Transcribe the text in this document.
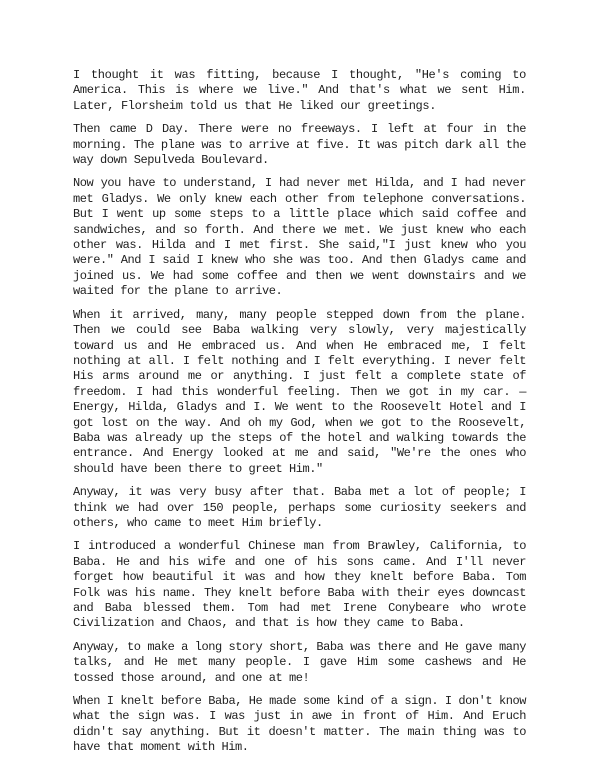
I thought it was fitting, because I thought, "He's coming to America. This is where we live." And that's what we sent Him. Later, Florsheim told us that He liked our greetings.

Then came D Day. There were no freeways. I left at four in the morning. The plane was to arrive at five. It was pitch dark all the way down Sepulveda Boulevard.

Now you have to understand, I had never met Hilda, and I had never met Gladys. We only knew each other from telephone conversations. But I went up some steps to a little place which said coffee and sandwiches, and so forth. And there we met. We just knew who each other was. Hilda and I met first. She said,"I just knew who you were." And I said I knew who she was too. And then Gladys came and joined us. We had some coffee and then we went downstairs and we waited for the plane to arrive.

When it arrived, many, many people stepped down from the plane. Then we could see Baba walking very slowly, very majestically toward us and He embraced us. And when He embraced me, I felt nothing at all. I felt nothing and I felt everything. I never felt His arms around me or anything. I just felt a complete state of freedom. I had this wonderful feeling. Then we got in my car. — Energy, Hilda, Gladys and I. We went to the Roosevelt Hotel and I got lost on the way. And oh my God, when we got to the Roosevelt, Baba was already up the steps of the hotel and walking towards the entrance. And Energy looked at me and said, "We're the ones who should have been there to greet Him."

Anyway, it was very busy after that. Baba met a lot of people; I think we had over 150 people, perhaps some curiosity seekers and others, who came to meet Him briefly.

I introduced a wonderful Chinese man from Brawley, California, to Baba. He and his wife and one of his sons came. And I'll never forget how beautiful it was and how they knelt before Baba. Tom Folk was his name. They knelt before Baba with their eyes downcast and Baba blessed them. Tom had met Irene Conybeare who wrote Civilization and Chaos, and that is how they came to Baba.

Anyway, to make a long story short, Baba was there and He gave many talks, and He met many people. I gave Him some cashews and He tossed those around, and one at me!

When I knelt before Baba, He made some kind of a sign. I don't know what the sign was. I was just in awe in front of Him. And Eruch didn't say anything. But it doesn't matter. The main thing was to have that moment with Him.
